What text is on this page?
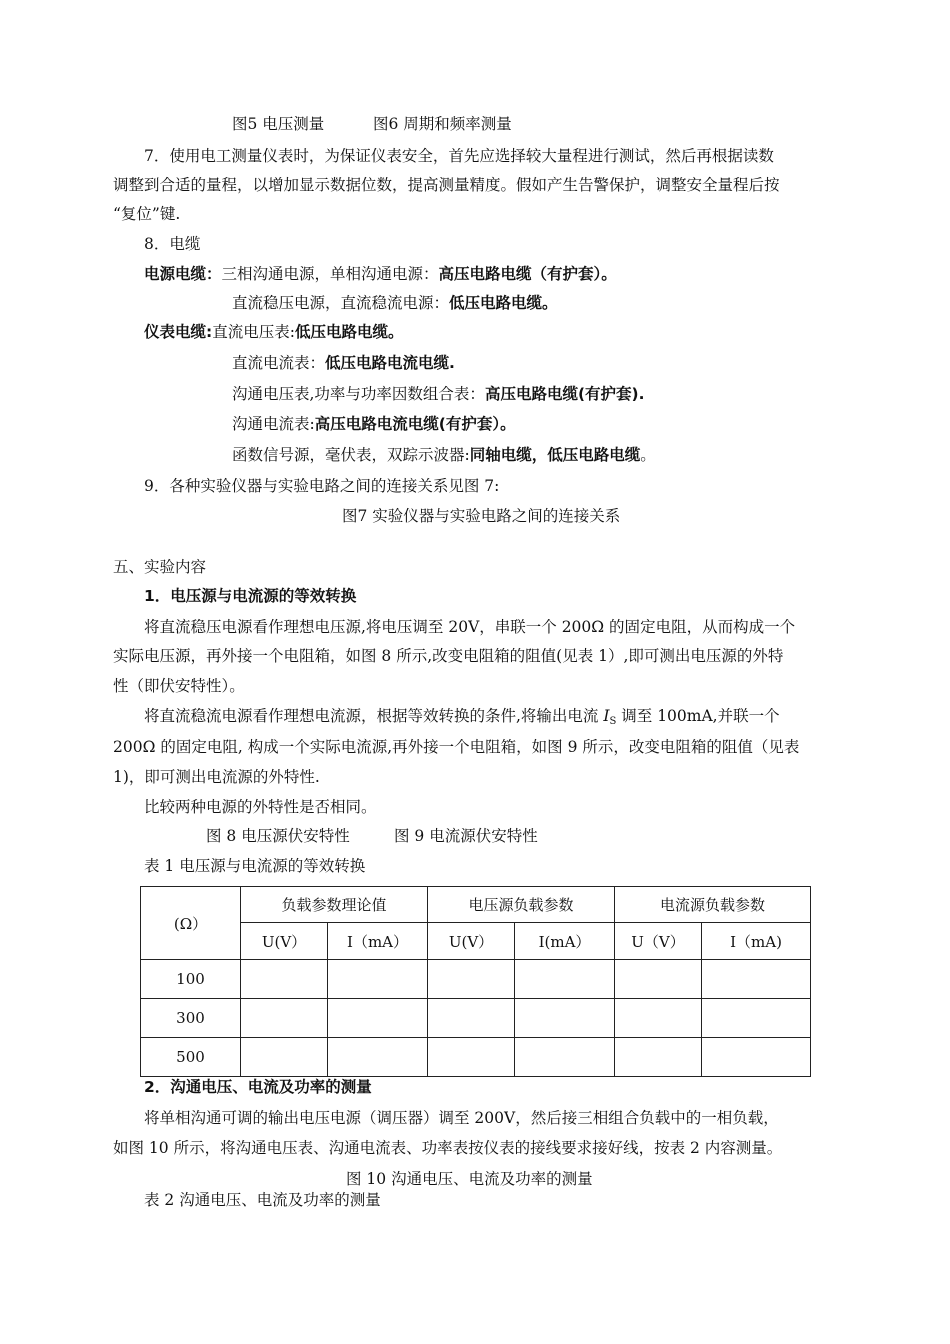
图5 电压测量	图6 周期和频率测量
7．使用电工测量仪表时，为保证仪表安全，首先应选择较大量程进行测试，然后再根据读数
调整到合适的量程，以增加显示数据位数，提高测量精度。假如产生告警保护，调整安全量程后按
“复位”键.
8．电缆
电源电缆：三相沟通电源，单相沟通电源：高压电路电缆（有护套）。
直流稳压电源，直流稳流电源：低压电路电缆。
仪表电缆:直流电压表:低压电路电缆。
直流电流表：低压电路电流电缆.
沟通电压表,功率与功率因数组合表：高压电路电缆(有护套).
沟通电流表:高压电路电流电缆(有护套）。
函数信号源，毫伏表，双踪示波器:同轴电缆，低压电路电缆。
9．各种实验仪器与实验电路之间的连接关系见图 7:
图7 实验仪器与实验电路之间的连接关系
五、实验内容
1．电压源与电流源的等效转换
将直流稳压电源看作理想电压源,将电压调至 20V，串联一个 200Ω 的固定电阻，从而构成一个
实际电压源，再外接一个电阻箱，如图 8 所示,改变电阻箱的阻值(见表 1）,即可测出电压源的外特
性（即伏安特性）。
将直流稳流电源看作理想电流源，根据等效转换的条件,将输出电流 $I_S$ 调至 100mA,并联一个
200Ω 的固定电阻, 构成一个实际电流源,再外接一个电阻箱，如图 9 所示，改变电阻箱的阻值（见表
1)，即可测出电流源的外特性.
比较两种电源的外特性是否相同。
图 8 电压源伏安特性	图 9 电流源伏安特性
表 1 电压源与电流源的等效转换
(Ω）	负载参数理论值		电压源负载参数		电流源负载参数	
	U(V）	I（mA）	U(V）	I(mA）	U（V）	I（mA)
100						
300						
500						
2．沟通电压、电流及功率的测量
将单相沟通可调的输出电压电源（调压器）调至 200V，然后接三相组合负载中的一相负载，
如图 10 所示，将沟通电压表、沟通电流表、功率表按仪表的接线要求接好线，按表 2 内容测量。
图 10 沟通电压、电流及功率的测量
表 2 沟通电压、电流及功率的测量
